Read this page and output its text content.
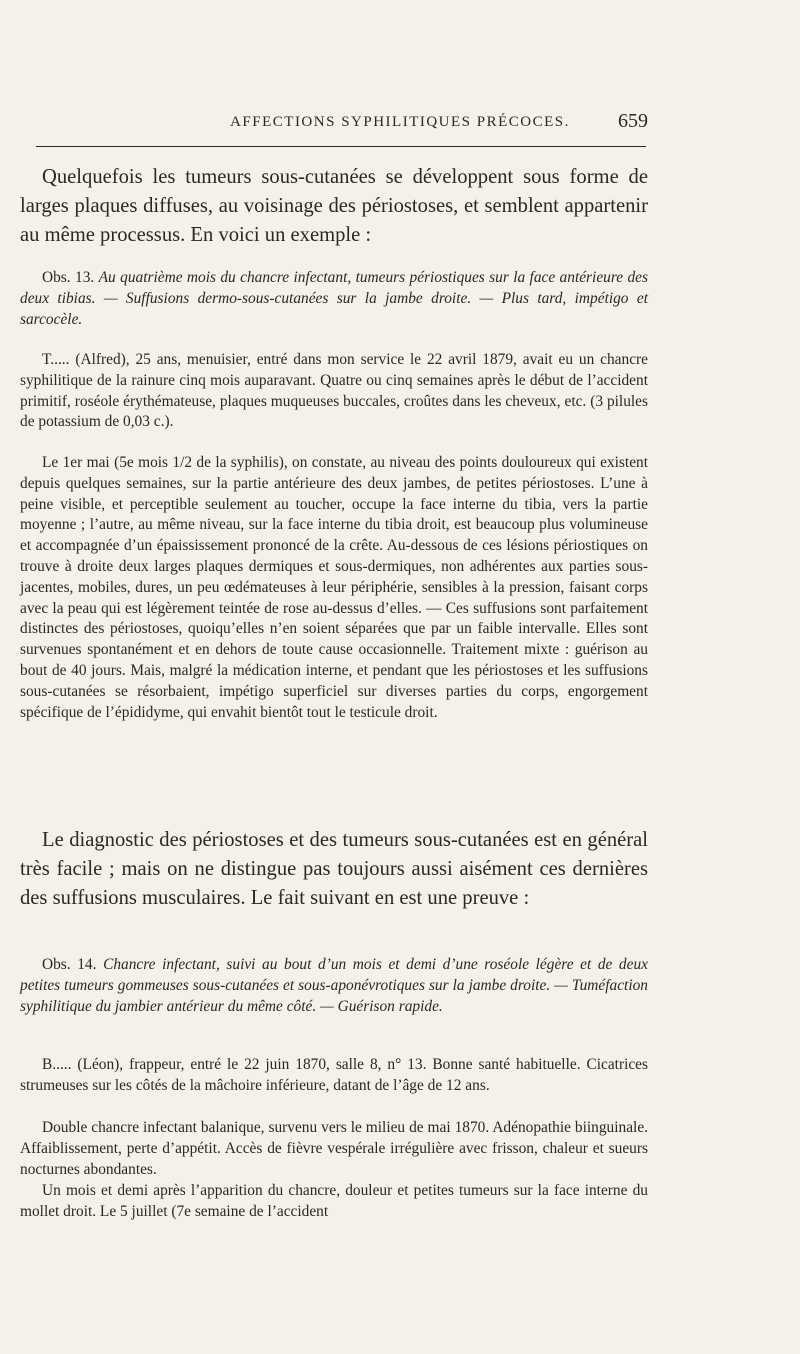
AFFECTIONS SYPHILITIQUES PRÉCOCES.	659

Quelquefois les tumeurs sous-cutanées se développent sous forme de larges plaques diffuses, au voisinage des périostoses, et semblent appartenir au même processus. En voici un exemple :

Obs. 13. Au quatrième mois du chancre infectant, tumeurs périostiques sur la face antérieure des deux tibias. — Suffusions dermo-sous-cutanées sur la jambe droite. — Plus tard, impétigo et sarcocèle.

T..... (Alfred), 25 ans, menuisier, entré dans mon service le 22 avril 1879, avait eu un chancre syphilitique de la rainure cinq mois auparavant. Quatre ou cinq semaines après le début de l’accident primitif, roséole érythémateuse, plaques muqueuses buccales, croûtes dans les cheveux, etc. (3 pilules de potassium de 0,03 c.).

Le 1er mai (5e mois 1/2 de la syphilis), on constate, au niveau des points douloureux qui existent depuis quelques semaines, sur la partie antérieure des deux jambes, de petites périostoses. L’une à peine visible, et perceptible seulement au toucher, occupe la face interne du tibia, vers la partie moyenne ; l’autre, au même niveau, sur la face interne du tibia droit, est beaucoup plus volumineuse et accompagnée d’un épaississement prononcé de la crête. Au-dessous de ces lésions périostiques on trouve à droite deux larges plaques dermiques et sous-dermiques, non adhérentes aux parties sous-jacentes, mobiles, dures, un peu œdémateuses à leur périphérie, sensibles à la pression, faisant corps avec la peau qui est légèrement teintée de rose au-dessus d’elles. — Ces suffusions sont parfaitement distinctes des périostoses, quoiqu’elles n’en soient séparées que par un faible intervalle. Elles sont survenues spontanément et en dehors de toute cause occasionnelle. Traitement mixte : guérison au bout de 40 jours. Mais, malgré la médication interne, et pendant que les périostoses et les suffusions sous-cutanées se résorbaient, impétigo superficiel sur diverses parties du corps, engorgement spécifique de l’épididyme, qui envahit bientôt tout le testicule droit.

Le diagnostic des périostoses et des tumeurs sous-cutanées est en général très facile ; mais on ne distingue pas toujours aussi aisément ces dernières des suffusions musculaires. Le fait suivant en est une preuve :

Obs. 14. Chancre infectant, suivi au bout d’un mois et demi d’une roséole légère et de deux petites tumeurs gommeuses sous-cutanées et sous-aponévrotiques sur la jambe droite. — Tuméfaction syphilitique du jambier antérieur du même côté. — Guérison rapide.

B..... (Léon), frappeur, entré le 22 juin 1870, salle 8, n° 13. Bonne santé habituelle. Cicatrices strumeuses sur les côtés de la mâchoire inférieure, datant de l’âge de 12 ans.

Double chancre infectant balanique, survenu vers le milieu de mai 1870. Adénopathie biinguinale. Affaiblissement, perte d’appétit. Accès de fièvre vespérale irrégulière avec frisson, chaleur et sueurs nocturnes abondantes.

Un mois et demi après l’apparition du chancre, douleur et petites tumeurs sur la face interne du mollet droit. Le 5 juillet (7e semaine de l’accident
